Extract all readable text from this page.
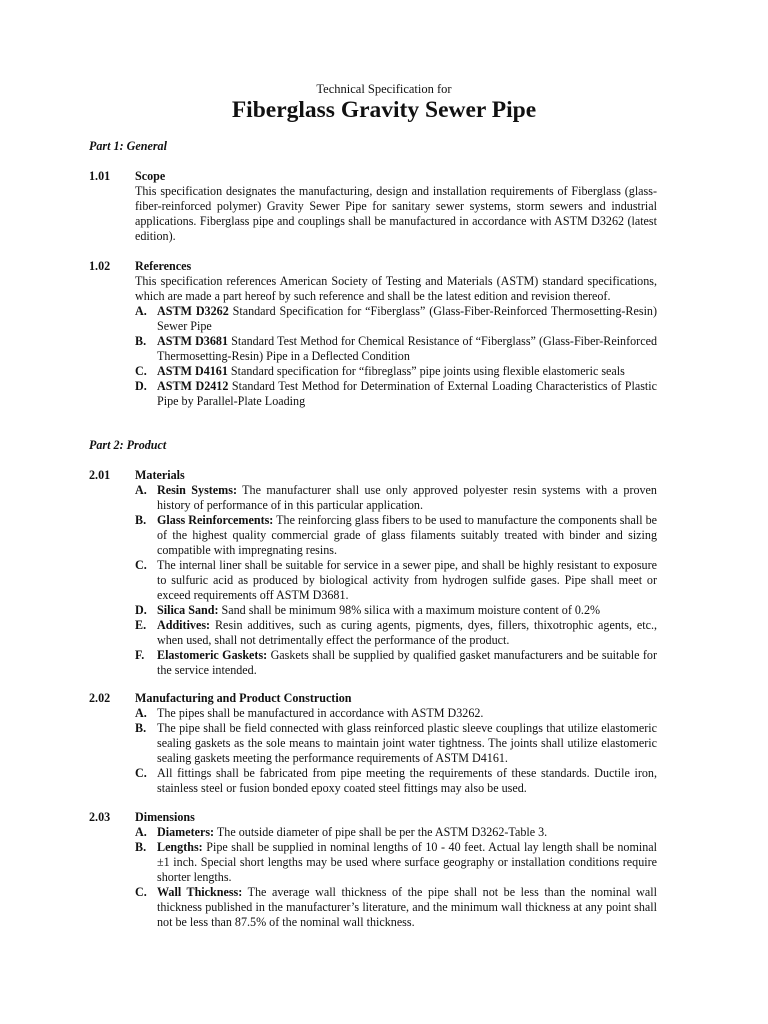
Technical Specification for
Fiberglass Gravity Sewer Pipe
Part 1: General
1.01 Scope
This specification designates the manufacturing, design and installation requirements of Fiberglass (glass-fiber-reinforced polymer) Gravity Sewer Pipe for sanitary sewer systems, storm sewers and industrial applications. Fiberglass pipe and couplings shall be manufactured in accordance with ASTM D3262 (latest edition).
1.02 References
This specification references American Society of Testing and Materials (ASTM) standard specifications, which are made a part hereof by such reference and shall be the latest edition and revision thereof.
A. ASTM D3262 Standard Specification for “Fiberglass” (Glass-Fiber-Reinforced Thermosetting-Resin) Sewer Pipe
B. ASTM D3681 Standard Test Method for Chemical Resistance of “Fiberglass” (Glass-Fiber-Reinforced Thermosetting-Resin) Pipe in a Deflected Condition
C. ASTM D4161 Standard specification for “fibreglass” pipe joints using flexible elastomeric seals
D. ASTM D2412 Standard Test Method for Determination of External Loading Characteristics of Plastic Pipe by Parallel-Plate Loading
Part 2: Product
2.01 Materials
A. Resin Systems: The manufacturer shall use only approved polyester resin systems with a proven history of performance of in this particular application.
B. Glass Reinforcements: The reinforcing glass fibers to be used to manufacture the components shall be of the highest quality commercial grade of glass filaments suitably treated with binder and sizing compatible with impregnating resins.
C. The internal liner shall be suitable for service in a sewer pipe, and shall be highly resistant to exposure to sulfuric acid as produced by biological activity from hydrogen sulfide gases. Pipe shall meet or exceed requirements off ASTM D3681.
D. Silica Sand: Sand shall be minimum 98% silica with a maximum moisture content of 0.2%
E. Additives: Resin additives, such as curing agents, pigments, dyes, fillers, thixotrophic agents, etc., when used, shall not detrimentally effect the performance of the product.
F. Elastomeric Gaskets: Gaskets shall be supplied by qualified gasket manufacturers and be suitable for the service intended.
2.02 Manufacturing and Product Construction
A. The pipes shall be manufactured in accordance with ASTM D3262.
B. The pipe shall be field connected with glass reinforced plastic sleeve couplings that utilize elastomeric sealing gaskets as the sole means to maintain joint water tightness. The joints shall utilize elastomeric sealing gaskets meeting the performance requirements of ASTM D4161.
C. All fittings shall be fabricated from pipe meeting the requirements of these standards. Ductile iron, stainless steel or fusion bonded epoxy coated steel fittings may also be used.
2.03 Dimensions
A. Diameters: The outside diameter of pipe shall be per the ASTM D3262-Table 3.
B. Lengths: Pipe shall be supplied in nominal lengths of 10 - 40 feet. Actual lay length shall be nominal ±1 inch. Special short lengths may be used where surface geography or installation conditions require shorter lengths.
C. Wall Thickness: The average wall thickness of the pipe shall not be less than the nominal wall thickness published in the manufacturer’s literature, and the minimum wall thickness at any point shall not be less than 87.5% of the nominal wall thickness.
